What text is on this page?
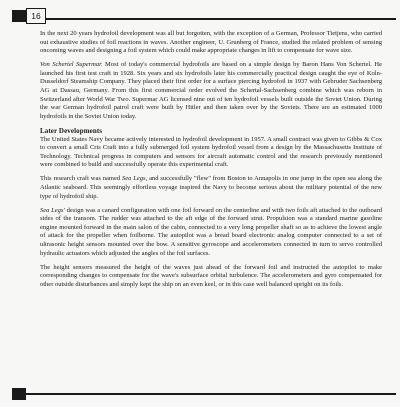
16

In the next 20 years hydrofoil development was all but forgotten, with the exception of a German, Professor Tietjens, who carried out exhaustive studies of foil reactions in waves. Another engineer, U. Grunberg of France, studied the related problem of sensing oncoming waves and designing a foil system which could make appropriate changes in lift to compensate for wave size.

Von Schertel Supermar. Most of today's commercial hydrofoils are based on a simple design by Baron Hans Von Schertel. He launched his first test craft in 1928. Six years and six hydrofoils later his commercially practical design caught the eye of Koln-Dusseldorf Steamship Company. They placed their first order for a surface piercing hydrofoil in 1937 with Gebruder Sachsenberg AG at Dassau, Germany. From this first commercial order evolved the Schertal-Sachsenberg combine which was reborn in Switzerland after World War Two. Supermar AG licensed nine out of ten hydrofoil vessels built outside the Soviet Union. During the war German hydrofoil patrol craft were built by Hitler and then taken over by the Soviets. There are an estimated 1000 hydrofoils in the Soviet Union today.

Later Developments

The United States Navy became actively interested in hydrofoil development in 1957. A small contract was given to Gibbs & Cox to convert a small Cris Craft into a fully submerged foil system hydrofoil vessel from a design by the Massachusetts Institute of Technology. Technical progress in computers and sensors for aircraft automatic control and the research previously mentioned were combined to build and successfully operate this experimental craft.

This research craft was named Sea Legs, and successfully "flew" from Boston to Annapolis in one jump in the open sea along the Atlantic seaboard. This seemingly effortless voyage inspired the Navy to become serious about the military potential of the new type of hydrofoil ship.

Sea Legs' design was a canard configuration with one foil forward on the centerline and with two foils aft attached to the outboard sides of the transom. The rudder was attached to the aft edge of the forward strut. Propulsion was a standard marine gasoline engine mounted forward in the main salon of the cabin, connected to a very long propeller shaft so as to achieve the lowest angle of attack for the propeller when foilborne. The autopilot was a bread board electronic analog computer connected to a set of ultrasonic height sensors mounted over the bow. A sensitive gyroscope and accelerometers connected in turn to servo controlled hydraulic actuators which adjusted the angles of the foil surfaces.

The height sensors measured the height of the waves just ahead of the forward foil and instructed the autopilot to make corresponding changes to compensate for the wave's subsurface orbital turbulence. The accelerometers and gyro compensated for other outside disturbances and simply kept the ship on an even keel, or in this case well balanced upright on its foils.
